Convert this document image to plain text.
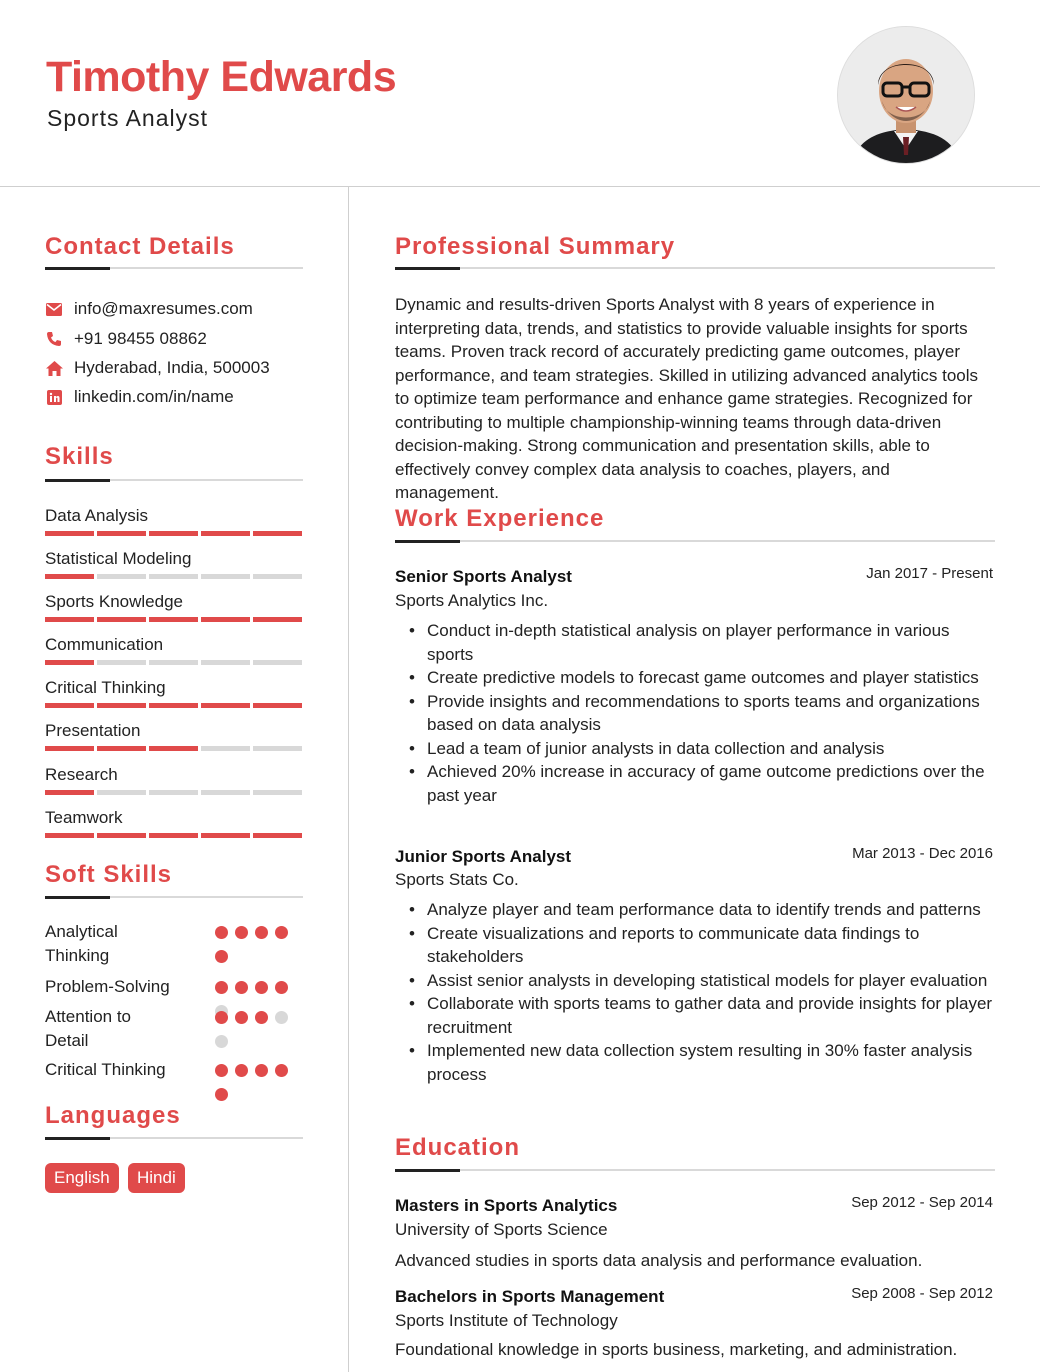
Timothy Edwards
Sports Analyst
Contact Details
info@maxresumes.com
+91 98455 08862
Hyderabad, India, 500003
linkedin.com/in/name
Skills
Data Analysis
Statistical Modeling
Sports Knowledge
Communication
Critical Thinking
Presentation
Research
Teamwork
Soft Skills
Analytical Thinking
Problem-Solving
Attention to Detail
Critical Thinking
Languages
English	Hindi
Professional Summary
Dynamic and results-driven Sports Analyst with 8 years of experience in interpreting data, trends, and statistics to provide valuable insights for sports teams. Proven track record of accurately predicting game outcomes, player performance, and team strategies. Skilled in utilizing advanced analytics tools to optimize team performance and enhance game strategies. Recognized for contributing to multiple championship-winning teams through data-driven decision-making. Strong communication and presentation skills, able to effectively convey complex data analysis to coaches, players, and management.
Work Experience
Senior Sports Analyst	Jan 2017 - Present
Sports Analytics Inc.
• Conduct in-depth statistical analysis on player performance in various sports
• Create predictive models to forecast game outcomes and player statistics
• Provide insights and recommendations to sports teams and organizations based on data analysis
• Lead a team of junior analysts in data collection and analysis
• Achieved 20% increase in accuracy of game outcome predictions over the past year
Junior Sports Analyst	Mar 2013 - Dec 2016
Sports Stats Co.
• Analyze player and team performance data to identify trends and patterns
• Create visualizations and reports to communicate data findings to stakeholders
• Assist senior analysts in developing statistical models for player evaluation
• Collaborate with sports teams to gather data and provide insights for player recruitment
• Implemented new data collection system resulting in 30% faster analysis process
Education
Masters in Sports Analytics	Sep 2012 - Sep 2014
University of Sports Science
Advanced studies in sports data analysis and performance evaluation.
Bachelors in Sports Management	Sep 2008 - Sep 2012
Sports Institute of Technology
Foundational knowledge in sports business, marketing, and administration.
